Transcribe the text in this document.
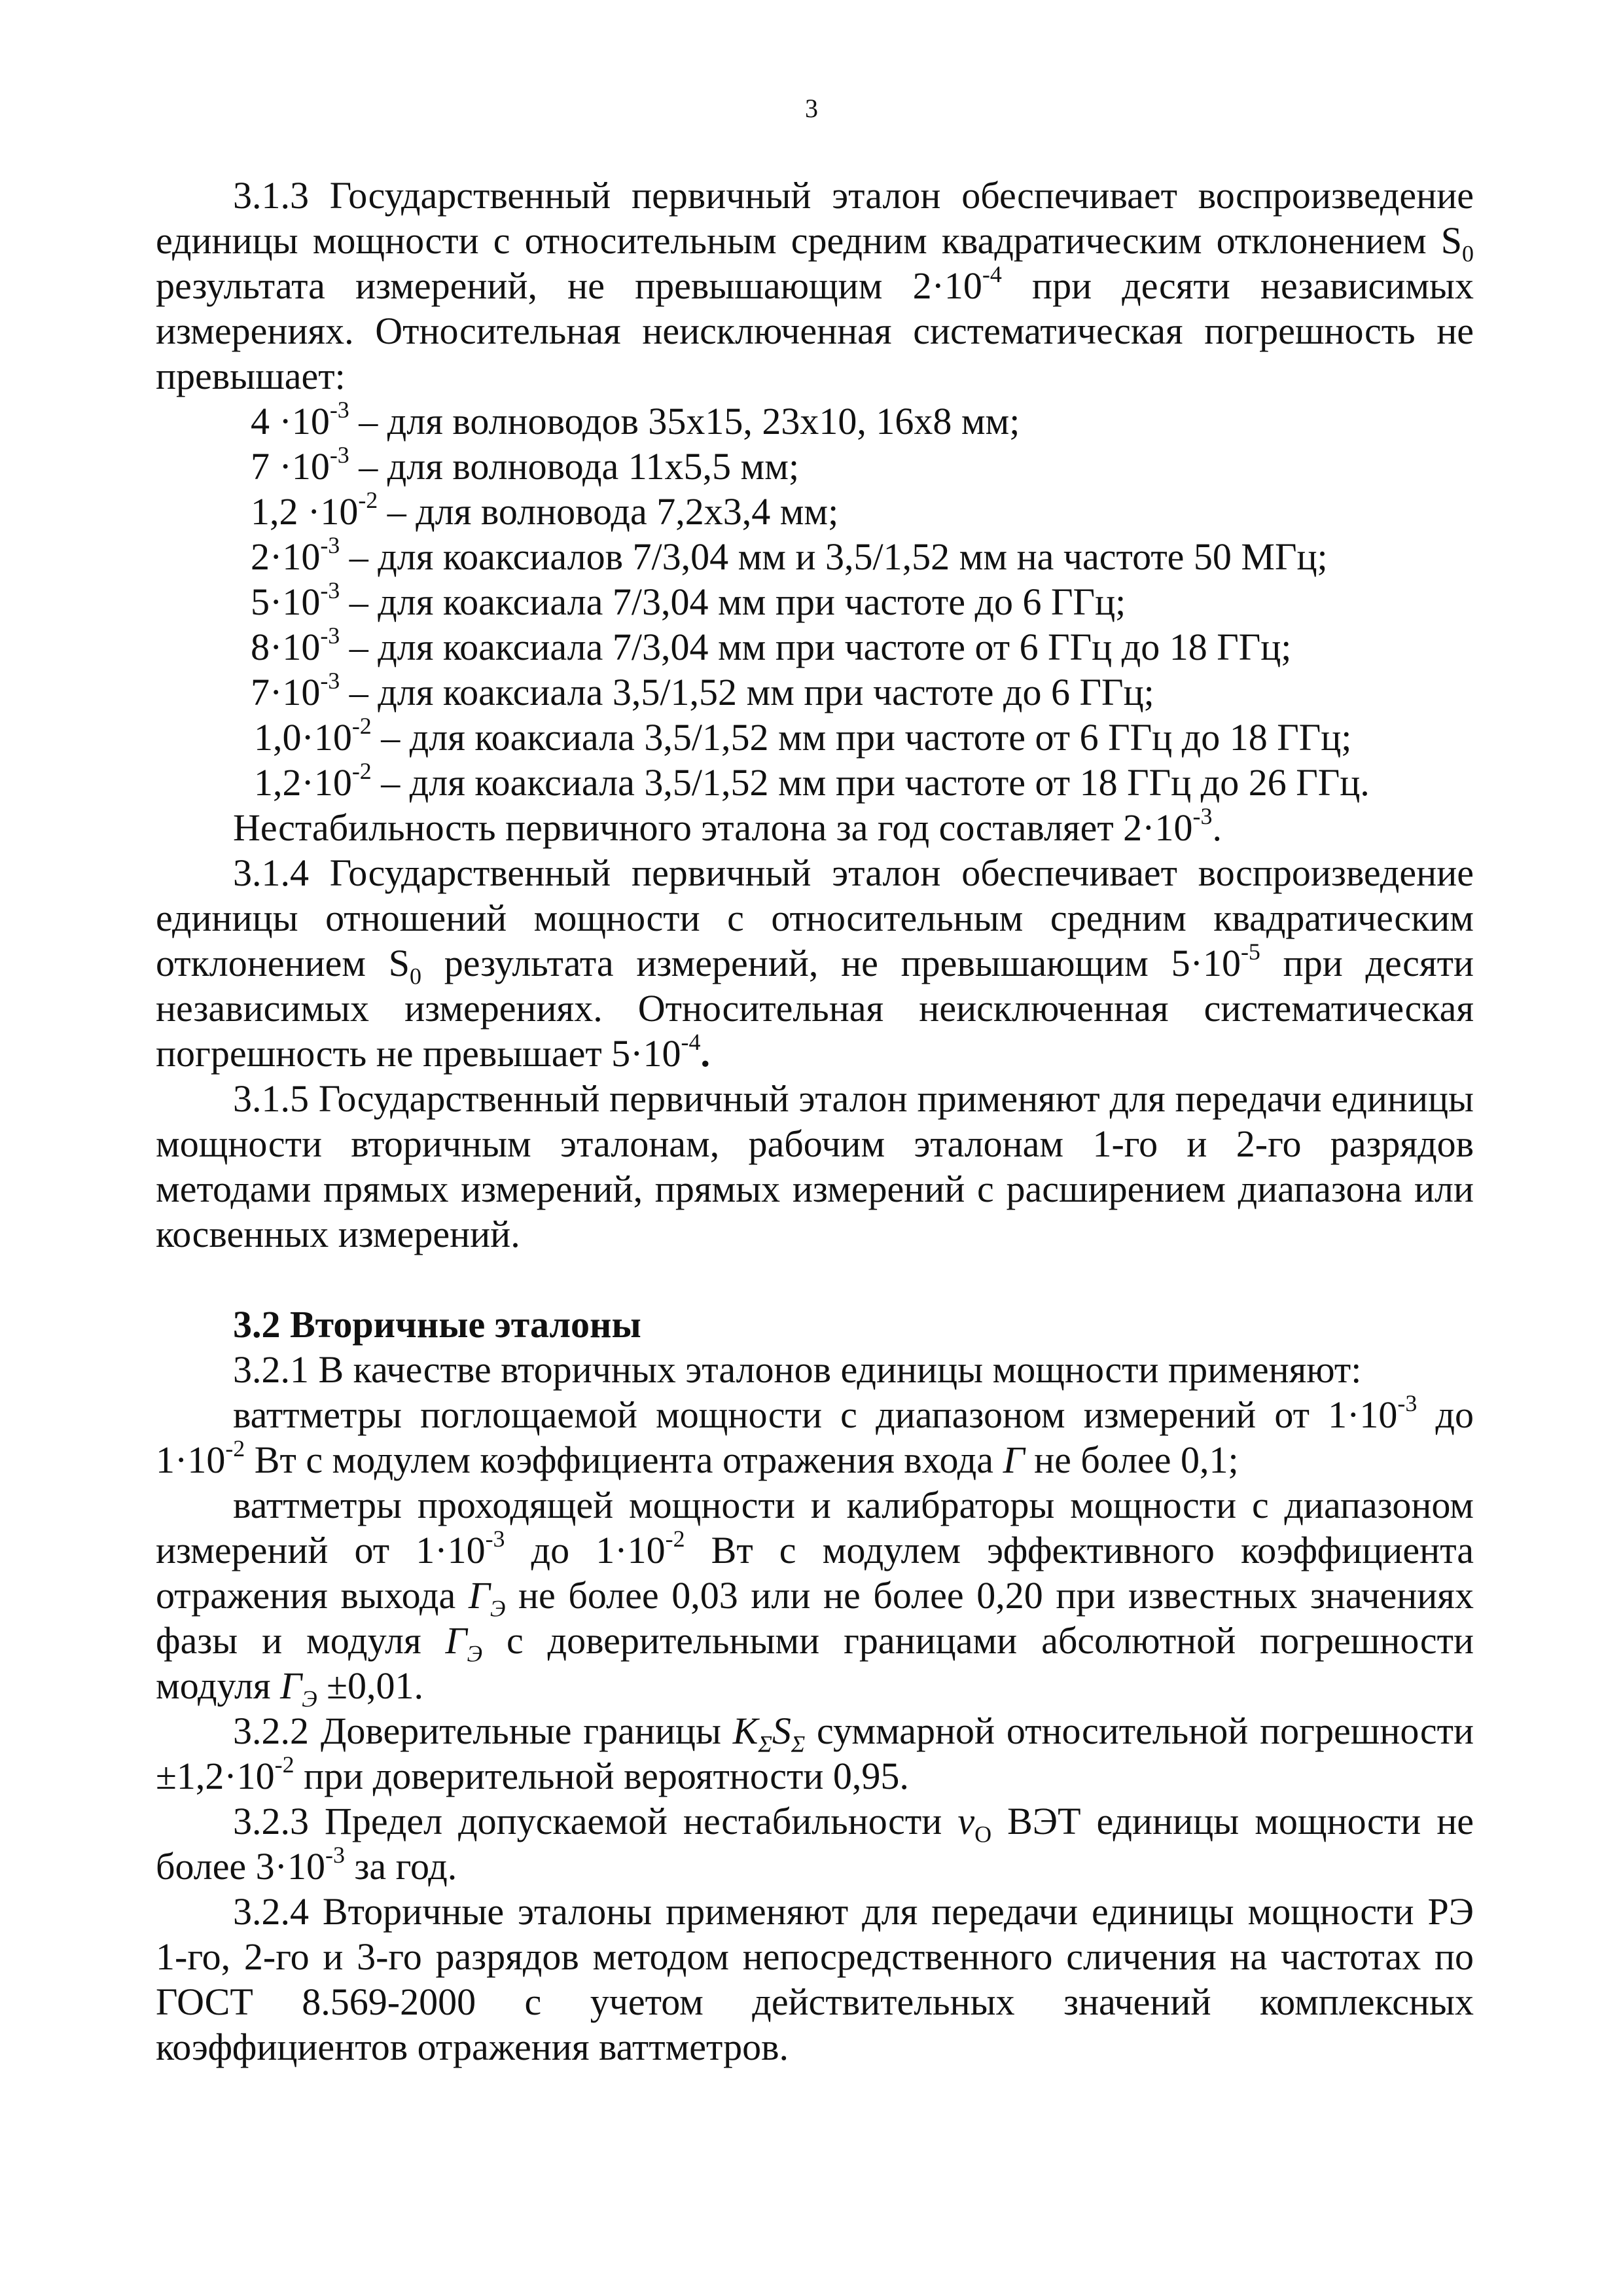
3

3.1.3 Государственный первичный эталон обеспечивает воспроизведение единицы мощности с относительным средним квадратическим отклонением $S_0$ результата измерений, не превышающим $2\cdot 10^{-4}$ при десяти независимых измерениях. Относительная неисключенная систематическая погрешность не превышает:

$4 \cdot 10^{-3}$ – для волноводов 35х15, 23х10, 16х8 мм;

$7 \cdot 10^{-3}$ – для волновода 11х5,5 мм;

$1,2 \cdot 10^{-2}$ – для волновода 7,2х3,4 мм;

$2\cdot 10^{-3}$ – для коаксиалов 7/3,04 мм и 3,5/1,52 мм на частоте 50 МГц;

$5\cdot 10^{-3}$ – для коаксиала 7/3,04 мм при частоте до 6 ГГц;

$8\cdot 10^{-3}$ – для коаксиала 7/3,04 мм при частоте от 6 ГГц до 18 ГГц;

$7\cdot 10^{-3}$ – для коаксиала 3,5/1,52 мм при частоте до 6 ГГц;

$1,0\cdot 10^{-2}$ – для коаксиала 3,5/1,52 мм при частоте от 6 ГГц до 18 ГГц;

$1,2\cdot 10^{-2}$ – для коаксиала 3,5/1,52 мм при частоте от 18 ГГц до 26 ГГц.

Нестабильность первичного эталона за год составляет $2\cdot 10^{-3}$.

3.1.4 Государственный первичный эталон обеспечивает воспроизведение единицы отношений мощности с относительным средним квадратическим отклонением $S_0$ результата измерений, не превышающим $5\cdot 10^{-5}$ при десяти независимых измерениях. Относительная неисключенная систематическая погрешность не превышает $5\cdot 10^{-4}$.

3.1.5 Государственный первичный эталон применяют для передачи единицы мощности вторичным эталонам, рабочим эталонам 1-го и 2-го разрядов методами прямых измерений, прямых измерений с расширением диапазона или косвенных измерений.

3.2 Вторичные эталоны

3.2.1 В качестве вторичных эталонов единицы мощности применяют:

ваттметры поглощаемой мощности с диапазоном измерений от $1\cdot 10^{-3}$ до $1\cdot 10^{-2}$ Вт с модулем коэффициента отражения входа Г не более 0,1;

ваттметры проходящей мощности и калибраторы мощности с диапазоном измерений от $1\cdot 10^{-3}$ до $1\cdot 10^{-2}$ Вт с модулем эффективного коэффициента отражения выхода $Г_Э$ не более 0,03 или не более 0,20 при известных значениях фазы и модуля $Г_Э$ с доверительными границами абсолютной погрешности модуля $Г_Э \pm 0,01$.

3.2.2 Доверительные границы $K_\Sigma S_\Sigma$ суммарной относительной погрешности $\pm 1,2\cdot 10^{-2}$ при доверительной вероятности 0,95.

3.2.3 Предел допускаемой нестабильности $\nu_О$ ВЭТ единицы мощности не более $3\cdot 10^{-3}$ за год.

3.2.4 Вторичные эталоны применяют для передачи единицы мощности РЭ 1-го, 2-го и 3-го разрядов методом непосредственного сличения на частотах по ГОСТ 8.569-2000 с учетом действительных значений комплексных коэффициентов отражения ваттметров.
